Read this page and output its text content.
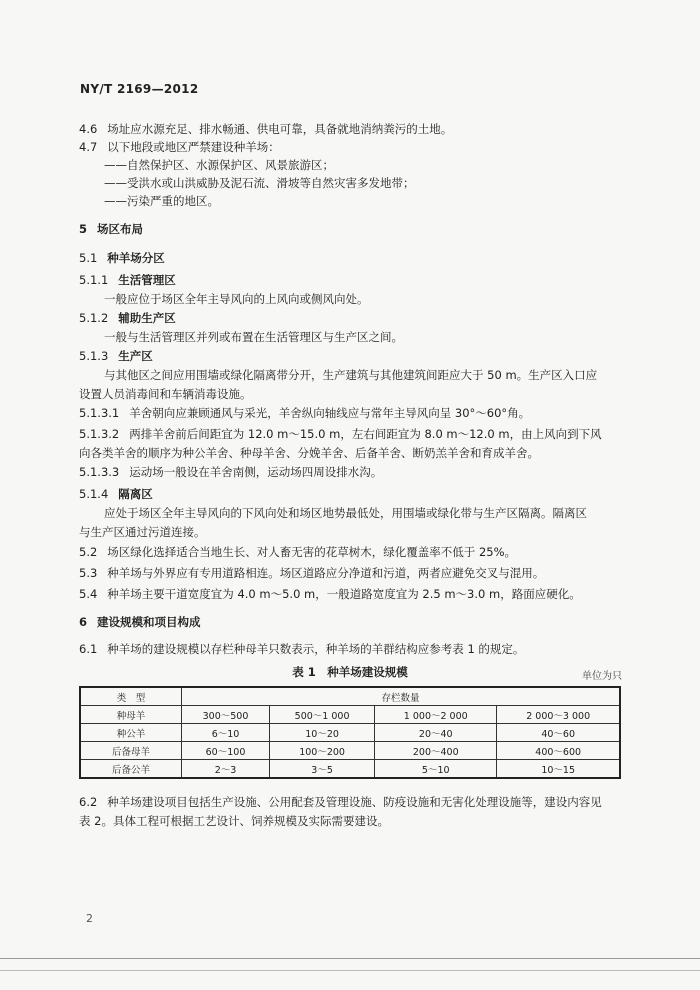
NY/T 2169—2012
4.6 场址应水源充足、排水畅通、供电可靠，具备就地消纳粪污的土地。
4.7 以下地段或地区严禁建设种羊场：
——自然保护区、水源保护区、风景旅游区；
——受洪水或山洪威胁及泥石流、滑坡等自然灾害多发地带；
——污染严重的地区。
5 场区布局
5.1 种羊场分区
5.1.1 生活管理区
一般应位于场区全年主导风向的上风向或侧风向处。
5.1.2 辅助生产区
一般与生活管理区并列或布置在生活管理区与生产区之间。
5.1.3 生产区
与其他区之间应用围墙或绿化隔离带分开，生产建筑与其他建筑间距应大于 50 m。生产区入口应
设置人员消毒间和车辆消毒设施。
5.1.3.1 羊舍朝向应兼顾通风与采光，羊舍纵向轴线应与常年主导风向呈 30°～60°角。
5.1.3.2 两排羊舍前后间距宜为 12.0 m～15.0 m，左右间距宜为 8.0 m～12.0 m，由上风向到下风
向各类羊舍的顺序为种公羊舍、种母羊舍、分娩羊舍、后备羊舍、断奶羔羊舍和育成羊舍。
5.1.3.3 运动场一般设在羊舍南侧，运动场四周设排水沟。
5.1.4 隔离区
应处于场区全年主导风向的下风向处和场区地势最低处，用围墙或绿化带与生产区隔离。隔离区
与生产区通过污道连接。
5.2 场区绿化选择适合当地生长、对人畜无害的花草树木，绿化覆盖率不低于 25%。
5.3 种羊场与外界应有专用道路相连。场区道路应分净道和污道，两者应避免交叉与混用。
5.4 种羊场主要干道宽度宜为 4.0 m～5.0 m，一般道路宽度宜为 2.5 m～3.0 m，路面应硬化。
6 建设规模和项目构成
6.1 种羊场的建设规模以存栏种母羊只数表示，种羊场的羊群结构应参考表 1 的规定。
表 1　种羊场建设规模	单位为只
类　型	存栏数量			
种母羊	300～500	500～1 000	1 000～2 000	2 000～3 000
种公羊	6～10	10～20	20～40	40～60
后备母羊	60～100	100～200	200～400	400～600
后备公羊	2～3	3～5	5～10	10～15
6.2 种羊场建设项目包括生产设施、公用配套及管理设施、防疫设施和无害化处理设施等，建设内容见
表 2。具体工程可根据工艺设计、饲养规模及实际需要建设。
2
